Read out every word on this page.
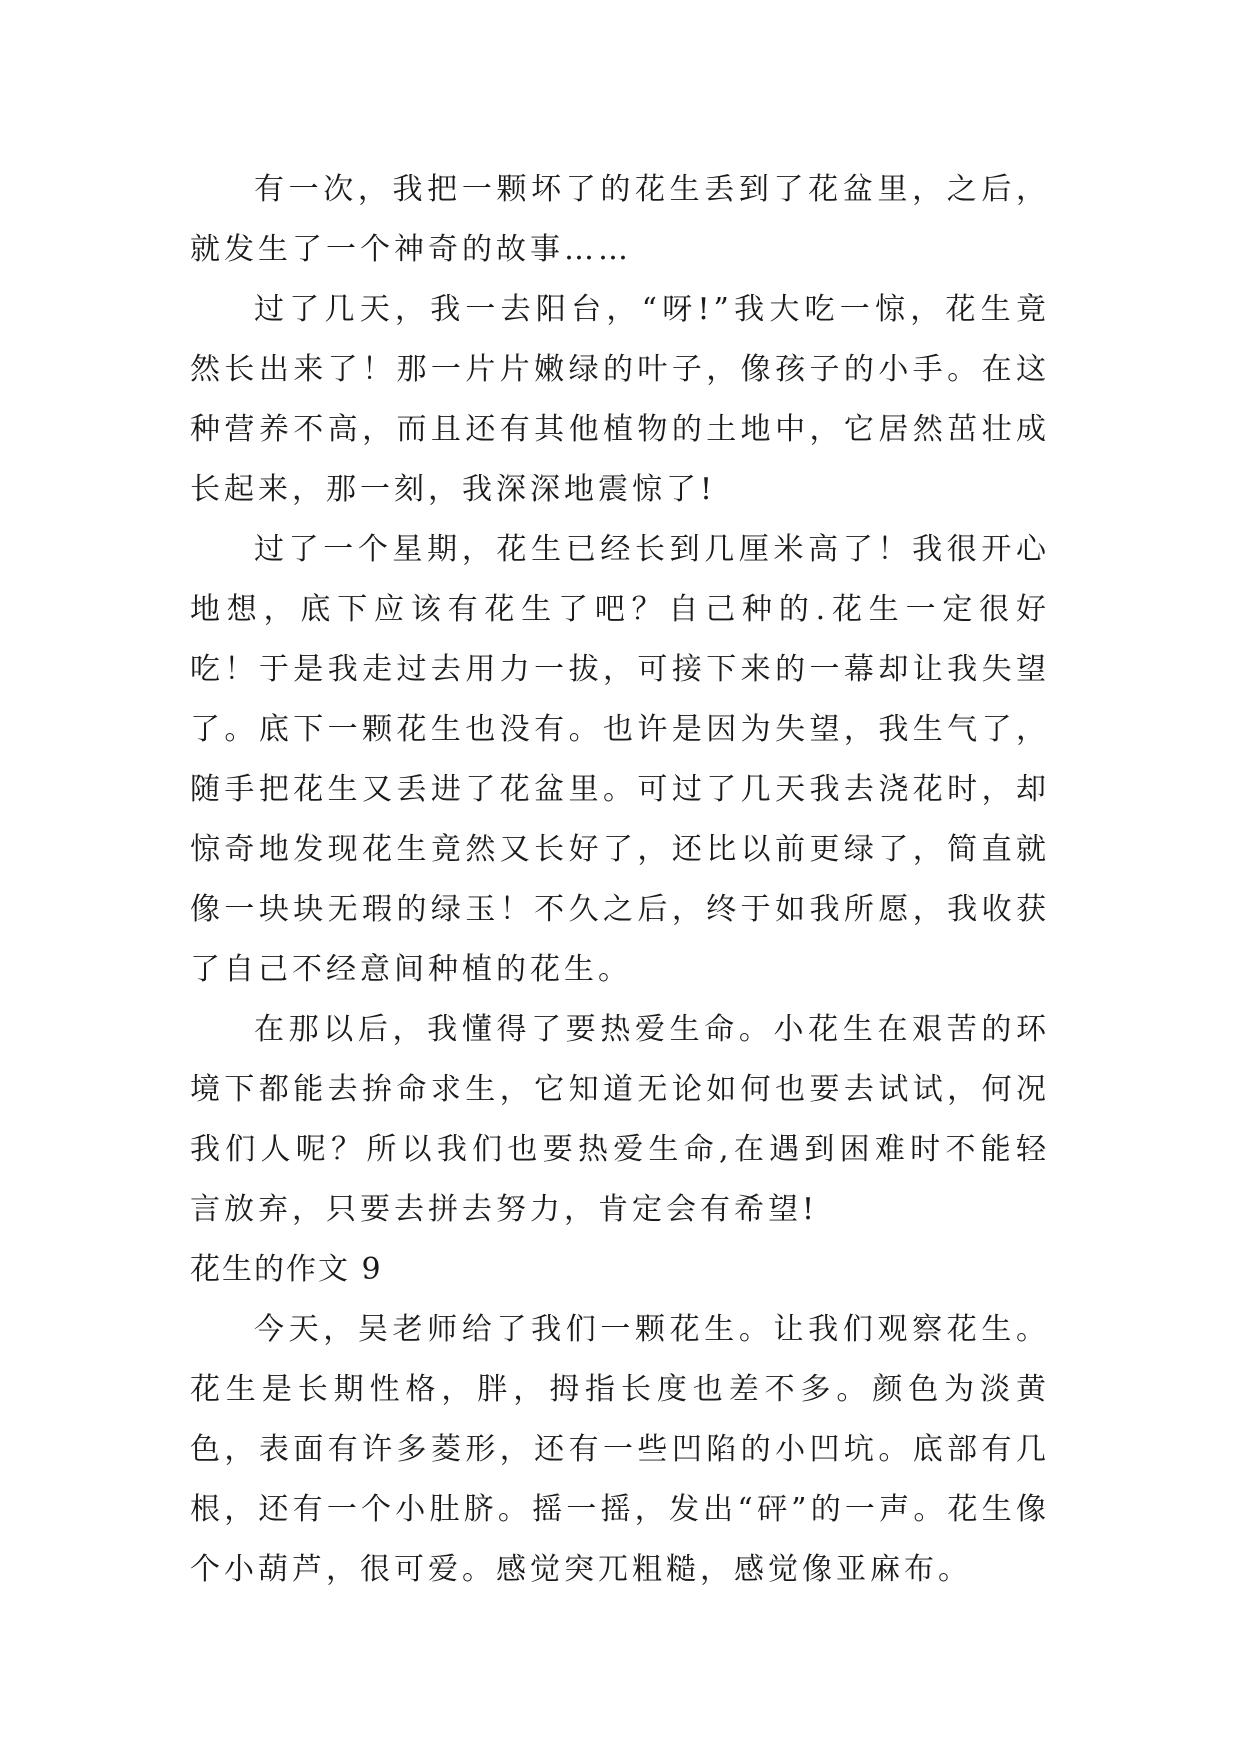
有一次，我把一颗坏了的花生丢到了花盆里，之后，就发生了一个神奇的故事……

过了几天，我一去阳台，“呀!”我大吃一惊，花生竟然长出来了！那一片片嫩绿的叶子，像孩子的小手。在这种营养不高，而且还有其他植物的土地中，它居然茁壮成长起来，那一刻，我深深地震惊了!

过了一个星期，花生已经长到几厘米高了！我很开心地想，底下应该有花生了吧？自己种的.花生一定很好吃！于是我走过去用力一拔，可接下来的一幕却让我失望了。底下一颗花生也没有。也许是因为失望，我生气了，随手把花生又丢进了花盆里。可过了几天我去浇花时，却惊奇地发现花生竟然又长好了，还比以前更绿了，简直就像一块块无瑕的绿玉！不久之后，终于如我所愿，我收获了自己不经意间种植的花生。

在那以后，我懂得了要热爱生命。小花生在艰苦的环境下都能去拚命求生，它知道无论如何也要去试试，何况我们人呢？所以我们也要热爱生命,在遇到困难时不能轻言放弃，只要去拼去努力，肯定会有希望!

花生的作文 9

今天，吴老师给了我们一颗花生。让我们观察花生。花生是长期性格，胖，拇指长度也差不多。颜色为淡黄色，表面有许多菱形，还有一些凹陷的小凹坑。底部有几根，还有一个小肚脐。摇一摇，发出“砰”的一声。花生像个小葫芦，很可爱。感觉突兀粗糙，感觉像亚麻布。
